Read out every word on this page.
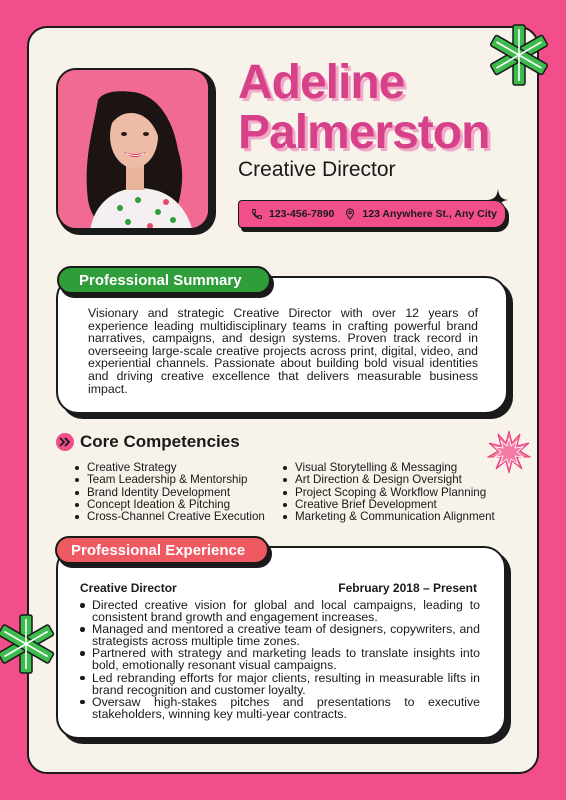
Adeline
Palmerston
Creative Director
123-456-7890	123 Anywhere St., Any City
Professional Summary
Visionary and strategic Creative Director with over 12 years of experience leading multidisciplinary teams in crafting powerful brand narratives, campaigns, and design systems. Proven track record in overseeing large-scale creative projects across print, digital, video, and experiential channels. Passionate about building bold visual identities and driving creative excellence that delivers measurable business impact.
Core Competencies
Creative Strategy
Team Leadership & Mentorship
Brand Identity Development
Concept Ideation & Pitching
Cross-Channel Creative Execution
Visual Storytelling & Messaging
Art Direction & Design Oversight
Project Scoping & Workflow Planning
Creative Brief Development
Marketing & Communication Alignment
Professional Experience
Creative Director	February 2018 – Present
Directed creative vision for global and local campaigns, leading to consistent brand growth and engagement increases.
Managed and mentored a creative team of designers, copywriters, and strategists across multiple time zones.
Partnered with strategy and marketing leads to translate insights into bold, emotionally resonant visual campaigns.
Led rebranding efforts for major clients, resulting in measurable lifts in brand recognition and customer loyalty.
Oversaw high-stakes pitches and presentations to executive stakeholders, winning key multi-year contracts.
